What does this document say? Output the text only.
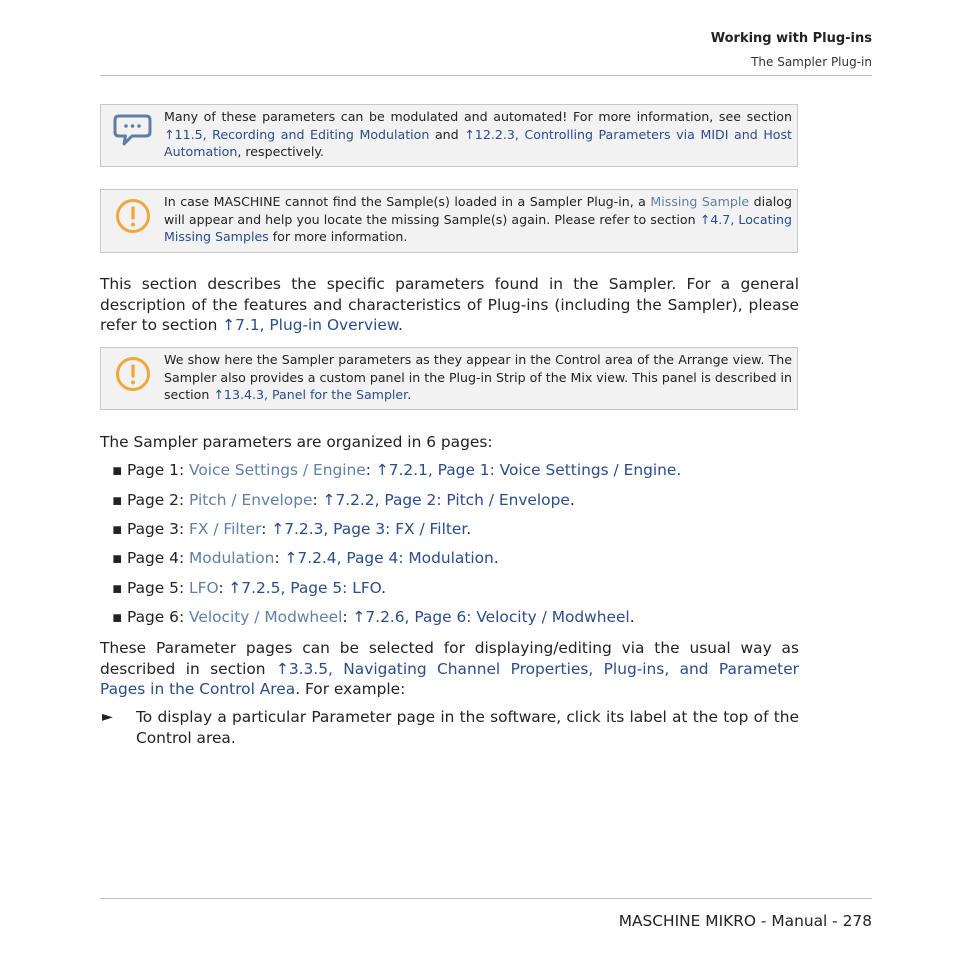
Working with Plug-ins
The Sampler Plug-in
Many of these parameters can be modulated and automated! For more information, see section ↑11.5, Recording and Editing Modulation and ↑12.2.3, Controlling Parameters via MIDI and Host Automation, respectively.
In case MASCHINE cannot find the Sample(s) loaded in a Sampler Plug-in, a Missing Sample dialog will appear and help you locate the missing Sample(s) again. Please refer to section ↑4.7, Locating Missing Samples for more information.
This section describes the specific parameters found in the Sampler. For a general description of the features and characteristics of Plug-ins (including the Sampler), please refer to section ↑7.1, Plug-in Overview.
We show here the Sampler parameters as they appear in the Control area of the Arrange view. The Sampler also provides a custom panel in the Plug-in Strip of the Mix view. This panel is described in section ↑13.4.3, Panel for the Sampler.
The Sampler parameters are organized in 6 pages:
▪ Page 1: Voice Settings / Engine: ↑7.2.1, Page 1: Voice Settings / Engine.
▪ Page 2: Pitch / Envelope: ↑7.2.2, Page 2: Pitch / Envelope.
▪ Page 3: FX / Filter: ↑7.2.3, Page 3: FX / Filter.
▪ Page 4: Modulation: ↑7.2.4, Page 4: Modulation.
▪ Page 5: LFO: ↑7.2.5, Page 5: LFO.
▪ Page 6: Velocity / Modwheel: ↑7.2.6, Page 6: Velocity / Modwheel.
These Parameter pages can be selected for displaying/editing via the usual way as described in section ↑3.3.5, Navigating Channel Properties, Plug-ins, and Parameter Pages in the Control Area. For example:
► To display a particular Parameter page in the software, click its label at the top of the Control area.
MASCHINE MIKRO - Manual - 278
